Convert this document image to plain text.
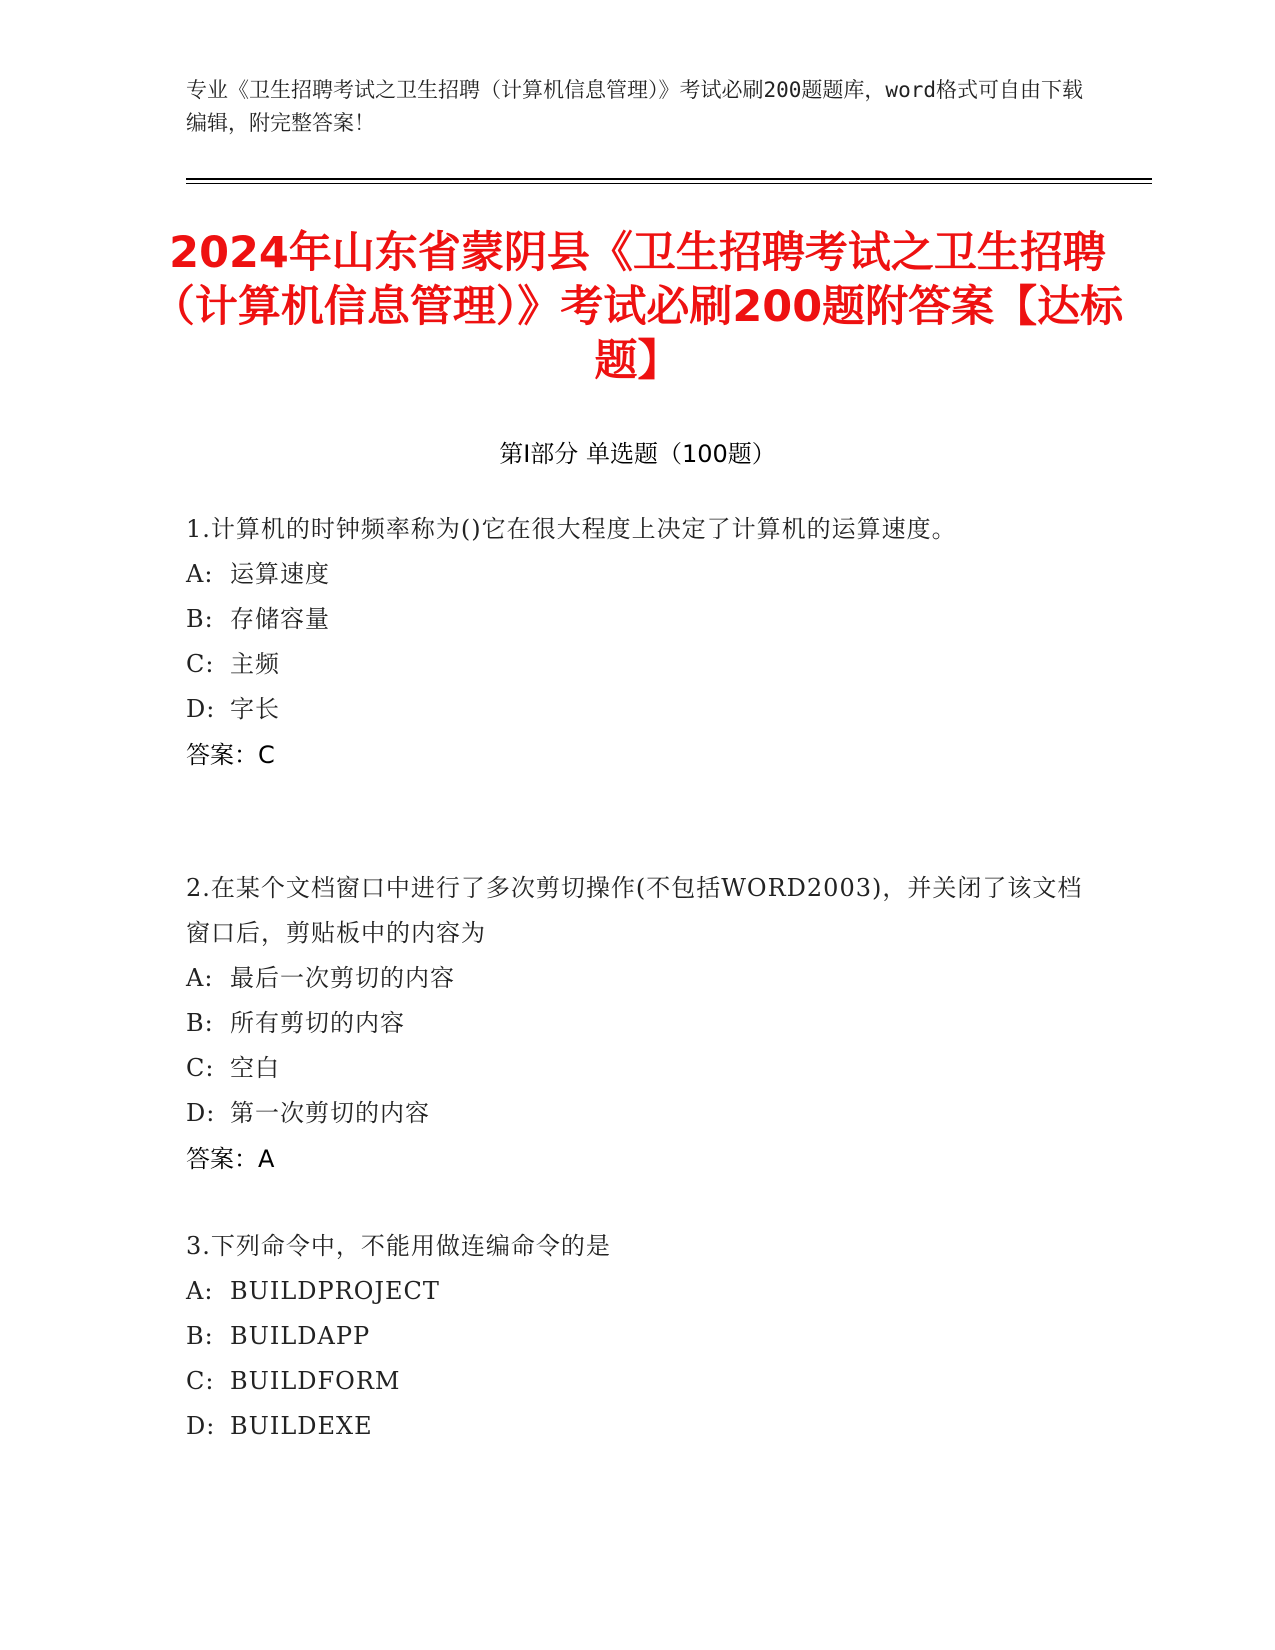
专业《卫生招聘考试之卫生招聘（计算机信息管理）》考试必刷200题题库，word格式可自由下载编辑，附完整答案！
2024年山东省蒙阴县《卫生招聘考试之卫生招聘（计算机信息管理）》考试必刷200题附答案【达标题】
第Ⅰ部分 单选题（100题）
1.计算机的时钟频率称为()它在很大程度上决定了计算机的运算速度。
A: 运算速度
B: 存储容量
C: 主频
D: 字长
答案：C
2.在某个文档窗口中进行了多次剪切操作(不包括WORD2003)，并关闭了该文档窗口后，剪贴板中的内容为
A: 最后一次剪切的内容
B: 所有剪切的内容
C: 空白
D: 第一次剪切的内容
答案：A
3.下列命令中，不能用做连编命令的是
A: BUILDPROJECT
B: BUILDAPP
C: BUILDFORM
D: BUILDEXE
